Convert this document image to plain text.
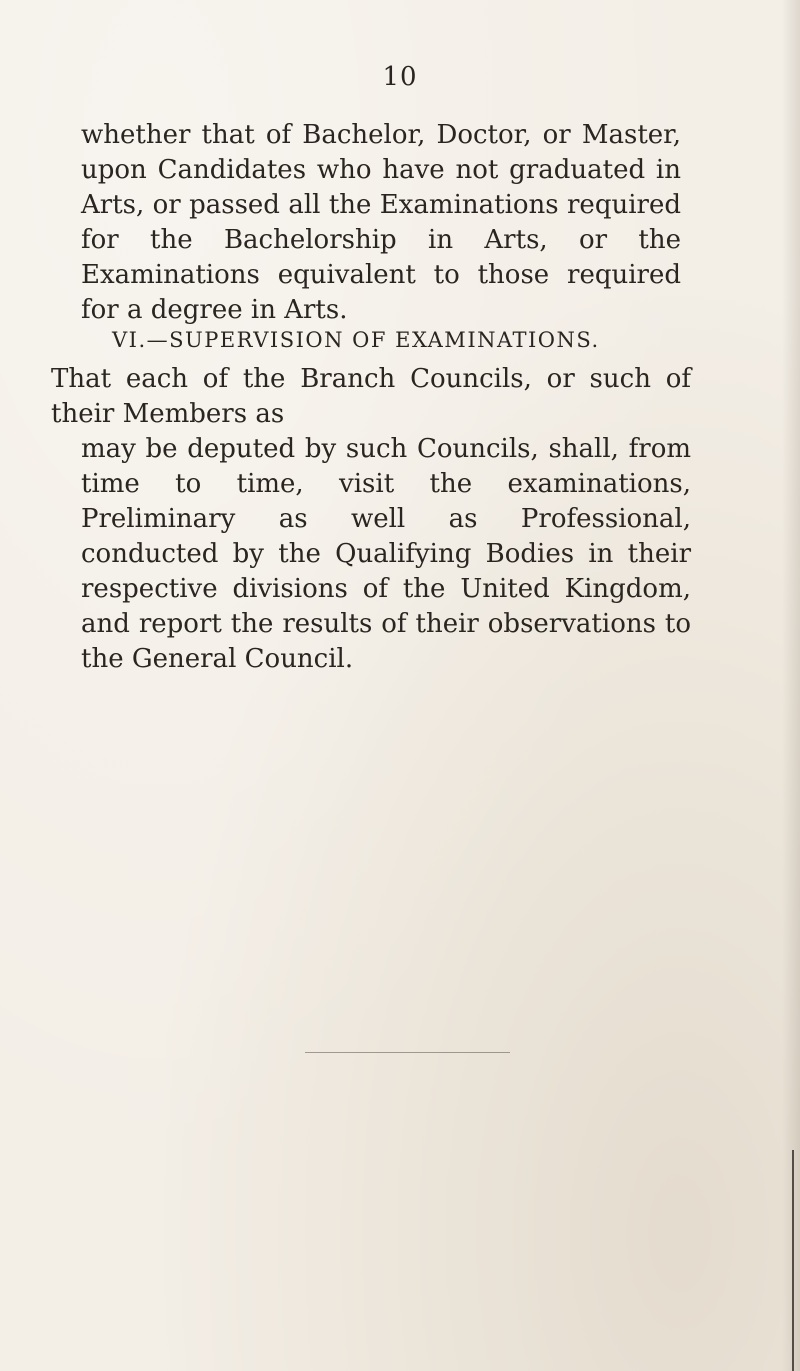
10

whether that of Bachelor, Doctor, or Master, upon Candidates who have not graduated in Arts, or passed all the Examinations required for the Bachelorship in Arts, or the Examinations equivalent to those required for a degree in Arts.

VI.—SUPERVISION OF EXAMINATIONS.

That each of the Branch Councils, or such of their Members as
may be deputed by such Councils, shall, from time to time, visit the examinations, Preliminary as well as Professional, conducted by the Qualifying Bodies in their respective divisions of the United Kingdom, and report the results of their observations to the General Council.
